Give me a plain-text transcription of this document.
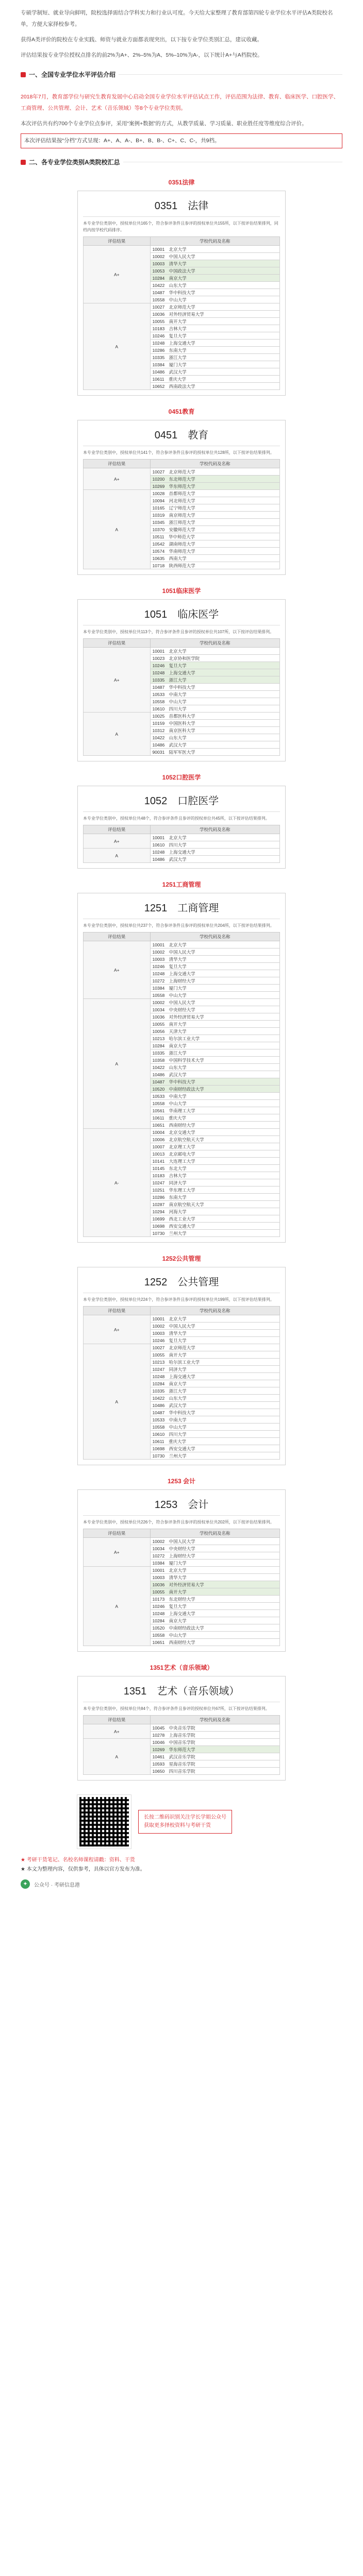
专硕学制短、就业导向鲜明，院校选择需结合学科实力和行业认可度。今天给大家整理了教育部第四轮专业学位水平评估A类院校名单，方便大家择校参考。

获得A类评价的院校在专业实践、师资与就业方面都表现突出，以下按专业学位类别汇总，建议收藏。

评估结果按专业学位授权点排名的前2%为A+、2%–5%为A、5%–10%为A-，以下统计A+与A档院校。

一、全国专业学位水平评估介绍

2018年7月，教育部学位与研究生教育发展中心启动全国专业学位水平评估试点工作，评估范围为法律、教育、临床医学、口腔医学、工商管理、公共管理、会计、艺术（音乐领域）等8个专业学位类别。

本次评估共有约700个专业学位点参评，采用“案例+数据”的方式，从教学质量、学习质量、职业胜任度等维度综合评价。

本次评估结果按“分档”方式呈现：A+、A、A-、B+、B、B-、C+、C、C-，共9档。
二、各专业学位类别A类院校汇总
0351法律
0351　法律
本专业学位类别中，授权单位共165个，符合参评条件且参评的授权单位共155所，以下按评估结果排列，同档内按学校代码排序。
评估结果	学校代码及名称
A+	10001　北京大学
	10002　中国人民大学
	10003　清华大学
	10053　中国政法大学
	10284　南京大学
	10422　山东大学
	10487　华中科技大学
	10558　中山大学
A	10027　北京师范大学
	10036　对外经济贸易大学
	10055　南开大学
	10183　吉林大学
	10246　复旦大学
	10248　上海交通大学
	10286　东南大学
	10335　浙江大学
	10384　厦门大学
	10486　武汉大学
	10611　重庆大学
	10652　西南政法大学
0451教育
0451　教育
本专业学位类别中，授权单位共141个，符合参评条件且参评的授权单位共128所，以下按评估结果排列。
评估结果	学校代码及名称
A+	10027　北京师范大学
	10200　东北师范大学
	10269　华东师范大学
A	10028　首都师范大学
	10094　河北师范大学
	10165　辽宁师范大学
	10319　南京师范大学
	10345　浙江师范大学
	10370　安徽师范大学
	10511　华中师范大学
	10542　湖南师范大学
	10574　华南师范大学
	10635　西南大学
	10718　陕西师范大学
1051临床医学
1051　临床医学
本专业学位类别中，授权单位共113个，符合参评条件且参评的授权单位共107所，以下按评估结果排列。
评估结果	学校代码及名称
A+	10001　北京大学
	10023　北京协和医学院
	10246　复旦大学
	10248　上海交通大学
	10335　浙江大学
	10487　华中科技大学
	10533　中南大学
	10558　中山大学
	10610　四川大学
A	10025　首都医科大学
	10159　中国医科大学
	10312　南京医科大学
	10422　山东大学
	10486　武汉大学
	90031　陆军军医大学
1052口腔医学
1052　口腔医学
本专业学位类别中，授权单位共48个，符合参评条件且参评的授权单位共45所，以下按评估结果排列。
评估结果	学校代码及名称
A+	10001　北京大学
	10610　四川大学
A	10248　上海交通大学
	10486　武汉大学
1251工商管理
1251　工商管理
本专业学位类别中，授权单位共237个，符合参评条件且参评的授权单位共204所，以下按评估结果排列。
评估结果	学校代码及名称
A+	10001　北京大学
	10002　中国人民大学
	10003　清华大学
	10246　复旦大学
	10248　上海交通大学
	10272　上海财经大学
	10384　厦门大学
	10558　中山大学
A	10002　中国人民大学
	10034　中央财经大学
	10036　对外经济贸易大学
	10055　南开大学
	10056　天津大学
	10213　哈尔滨工业大学
	10284　南京大学
	10335　浙江大学
	10358　中国科学技术大学
	10422　山东大学
	10486　武汉大学
	10487　华中科技大学
	10520　中南财经政法大学
	10533　中南大学
	10558　中山大学
	10561　华南理工大学
	10611　重庆大学
	10651　西南财经大学
A-	10004　北京交通大学
	10006　北京航空航天大学
	10007　北京理工大学
	10013　北京邮电大学
	10141　大连理工大学
	10145　东北大学
	10183　吉林大学
	10247　同济大学
	10251　华东理工大学
	10286　东南大学
	10287　南京航空航天大学
	10294　河海大学
	10699　西北工业大学
	10698　西安交通大学
	10730　兰州大学
1252公共管理
1252　公共管理
本专业学位类别中，授权单位共224个，符合参评条件且参评的授权单位共199所，以下按评估结果排列。
评估结果	学校代码及名称
A+	10001　北京大学
	10002　中国人民大学
	10003　清华大学
	10246　复旦大学
A	10027　北京师范大学
	10055　南开大学
	10213　哈尔滨工业大学
	10247　同济大学
	10248　上海交通大学
	10284　南京大学
	10335　浙江大学
	10422　山东大学
	10486　武汉大学
	10487　华中科技大学
	10533　中南大学
	10558　中山大学
	10610　四川大学
	10611　重庆大学
	10698　西安交通大学
	10730　兰州大学
1253 会计
1253　会计
本专业学位类别中，授权单位共226个，符合参评条件且参评的授权单位共202所，以下按评估结果排列。
评估结果	学校代码及名称
A+	10002　中国人民大学
	10034　中央财经大学
	10272　上海财经大学
	10384　厦门大学
A	10001　北京大学
	10003　清华大学
	10036　对外经济贸易大学
	10055　南开大学
	10173　东北财经大学
	10246　复旦大学
	10248　上海交通大学
	10284　南京大学
	10520　中南财经政法大学
	10558　中山大学
	10651　西南财经大学
1351艺术（音乐领域）
1351　艺术（音乐领域）
本专业学位类别中，授权单位共84个，符合参评条件且参评的授权单位共67所，以下按评估结果排列。
评估结果	学校代码及名称
A+	10045　中央音乐学院
	10278　上海音乐学院
A	10046　中国音乐学院
	10269　华东师范大学
	10461　武汉音乐学院
	10593　星海音乐学院
	10650　四川音乐学院
长按二维码识别关注学长学姐公众号
获取更多择校资料与考研干货
★ 考研干货笔记、名校名师课程请戳：资料、干货
★ 本文为整理内容，仅供参考，具体以官方发布为准。
✦	公众号 · 考研信息港
